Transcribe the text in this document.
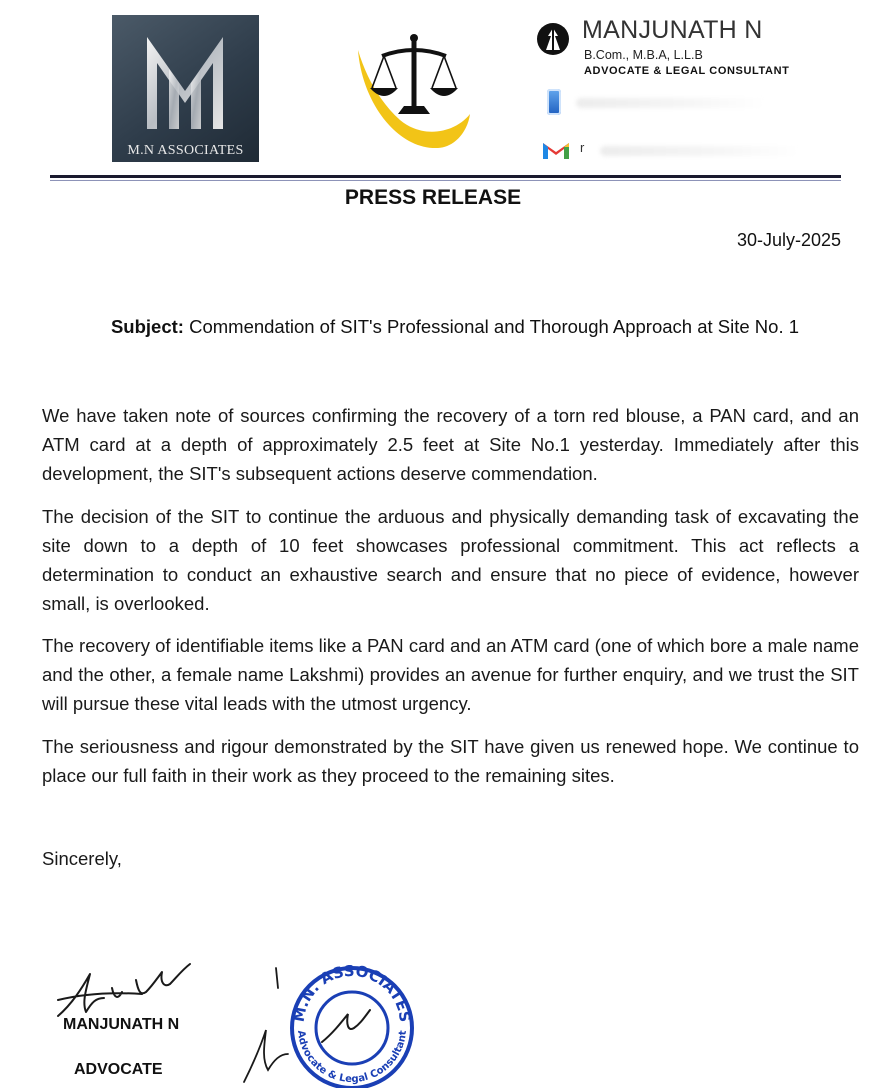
M.N ASSOCIATES
MANJUNATH N
B.Com., M.B.A, L.L.B
ADVOCATE & LEGAL CONSULTANT
r
PRESS RELEASE
30-July-2025
Subject: Commendation of SIT's Professional and Thorough Approach at Site No. 1
We have taken note of sources confirming the recovery of a torn red blouse, a PAN card, and an ATM card at a depth of approximately 2.5 feet at Site No.1 yesterday. Immediately after this development, the SIT's subsequent actions deserve commendation.
The decision of the SIT to continue the arduous and physically demanding task of excavating the site down to a depth of 10 feet showcases professional commitment. This act reflects a determination to conduct an exhaustive search and ensure that no piece of evidence, however small, is overlooked.
The recovery of identifiable items like a PAN card and an ATM card (one of which bore a male name and the other, a female name Lakshmi) provides an avenue for further enquiry, and we trust the SIT will pursue these vital leads with the utmost urgency.
The seriousness and rigour demonstrated by the SIT have given us renewed hope. We continue to place our full faith in their work as they proceed to the remaining sites.
Sincerely,
MANJUNATH N
ADVOCATE
M.N. ASSOCIATES
Advocate & Legal Consultant
